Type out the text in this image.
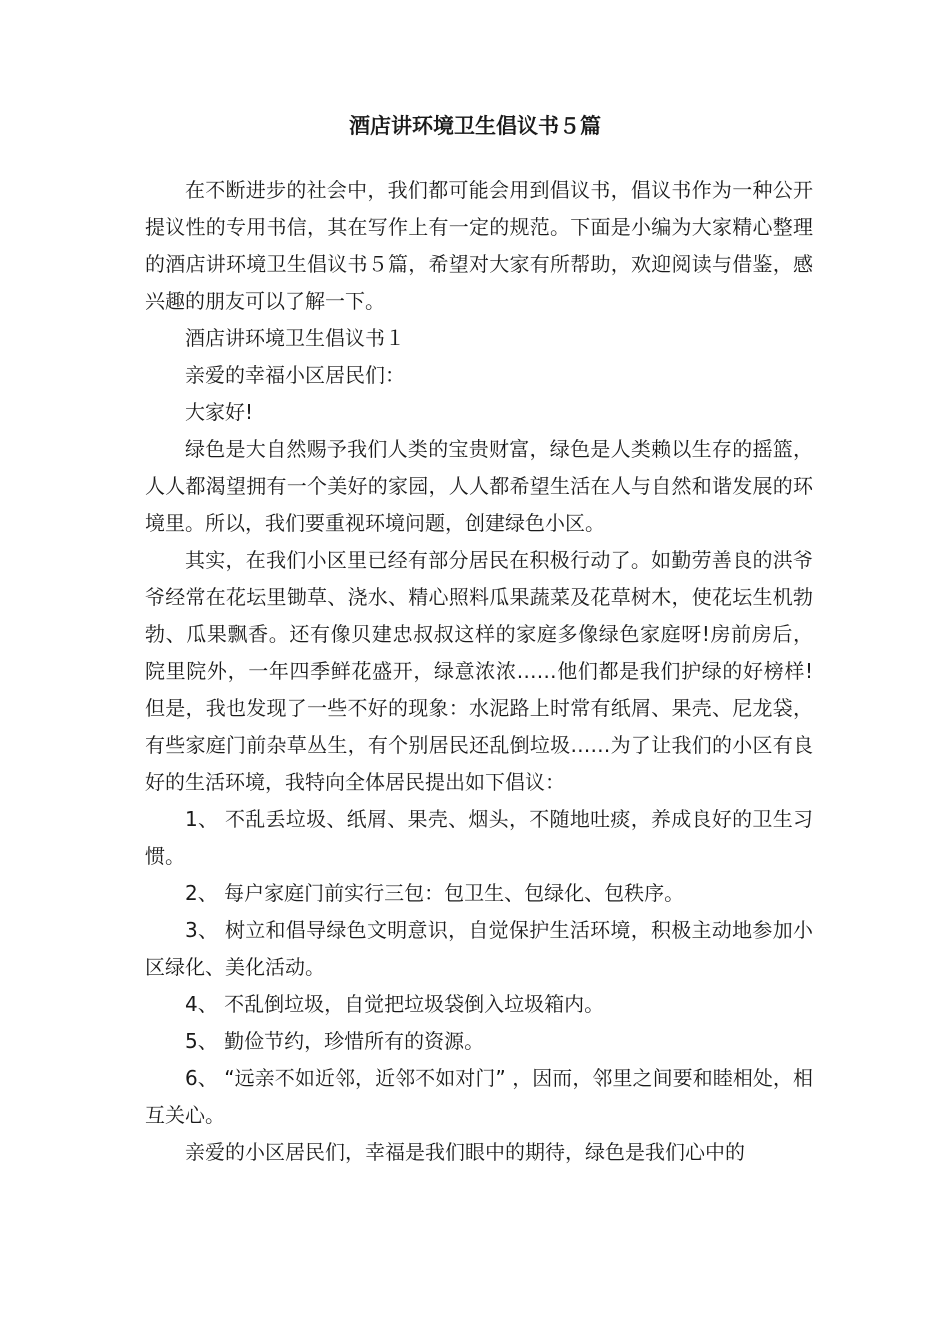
酒店讲环境卫生倡议书５篇

在不断进步的社会中，我们都可能会用到倡议书，倡议书作为一种公开提议性的专用书信，其在写作上有一定的规范。下面是小编为大家精心整理的酒店讲环境卫生倡议书５篇，希望对大家有所帮助，欢迎阅读与借鉴，感兴趣的朋友可以了解一下。

酒店讲环境卫生倡议书１

亲爱的幸福小区居民们：

大家好!

绿色是大自然赐予我们人类的宝贵财富，绿色是人类赖以生存的摇篮，人人都渴望拥有一个美好的家园，人人都希望生活在人与自然和谐发展的环境里。所以，我们要重视环境问题，创建绿色小区。

其实，在我们小区里已经有部分居民在积极行动了。如勤劳善良的洪爷爷经常在花坛里锄草、浇水、精心照料瓜果蔬菜及花草树木，使花坛生机勃勃、瓜果飘香。还有像贝建忠叔叔这样的家庭多像绿色家庭呀!房前房后，院里院外，一年四季鲜花盛开，绿意浓浓……他们都是我们护绿的好榜样!但是，我也发现了一些不好的现象：水泥路上时常有纸屑、果壳、尼龙袋，有些家庭门前杂草丛生，有个别居民还乱倒垃圾……为了让我们的小区有良好的生活环境，我特向全体居民提出如下倡议：

1、 不乱丢垃圾、纸屑、果壳、烟头，不随地吐痰，养成良好的卫生习惯。

2、 每户家庭门前实行三包：包卫生、包绿化、包秩序。

3、 树立和倡导绿色文明意识，自觉保护生活环境，积极主动地参加小区绿化、美化活动。

4、 不乱倒垃圾，自觉把垃圾袋倒入垃圾箱内。

5、 勤俭节约，珍惜所有的资源。

6、 “远亲不如近邻，近邻不如对门” ，因而，邻里之间要和睦相处，相互关心。

亲爱的小区居民们，幸福是我们眼中的期待，绿色是我们心中的
